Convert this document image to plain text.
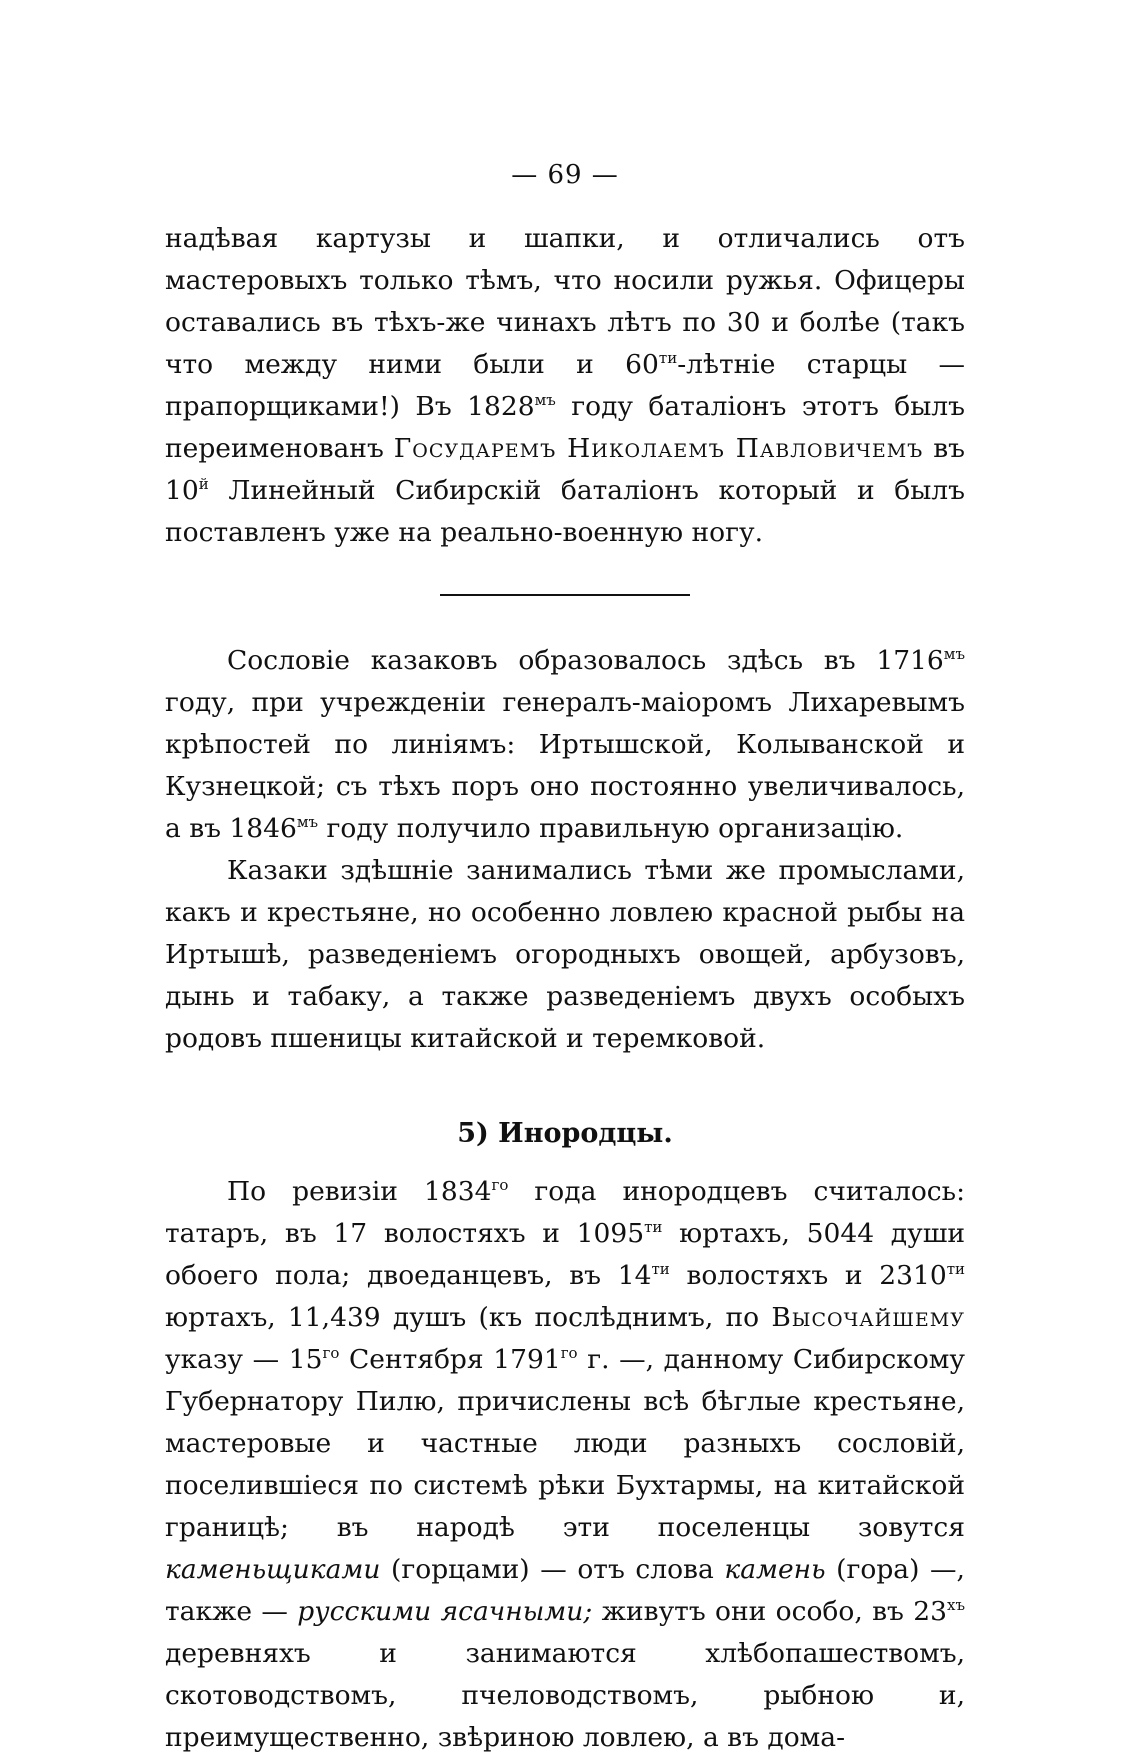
— 69 —

надѣвая картузы и шапки, и отличались отъ мастеровыхъ только тѣмъ, что носили ружья. Офицеры оставались въ тѣхъ-же чинахъ лѣтъ по 30 и болѣе (такъ что между ними были и $60^{ти}$-лѣтніе старцы — прапорщиками!) Въ $1828^{мъ}$ году баталіонъ этотъ былъ переименованъ Государемъ Николаемъ Павловичемъ въ $10^й$ Линейный Сибирскій баталіонъ который и былъ поставленъ уже на реально-военную ногу.

Сословіе казаковъ образовалось здѣсь въ $1716^{мъ}$ году, при учрежденіи генералъ-маіоромъ Лихаревымъ крѣпостей по линіямъ: Иртышской, Колыванской и Кузнецкой; съ тѣхъ поръ оно постоянно увеличивалось, а въ $1846^{мъ}$ году получило правильную организацію.

Казаки здѣшніе занимались тѣми же промыслами, какъ и крестьяне, но особенно ловлею красной рыбы на Иртышѣ, разведеніемъ огородныхъ овощей, арбузовъ, дынь и табаку, а также разведеніемъ двухъ особыхъ родовъ пшеницы китайской и теремковой.

5) Инородцы.

По ревизіи $1834^{го}$ года инородцевъ считалось: татаръ, въ 17 волостяхъ и $1095^{ти}$ юртахъ, 5044 души обоего пола; двоеданцевъ, въ $14^{ти}$ волостяхъ и $2310^{ти}$ юртахъ, 11,439 душъ (къ послѣднимъ, по Высочайшему указу — $15^{го}$ Сентября $1791^{го}$ г. —, данному Сибирскому Губернатору Пилю, причислены всѣ бѣглые крестьяне, мастеровые и частные люди разныхъ сословій, поселившіеся по системѣ рѣки Бухтармы, на китайской границѣ; въ народѣ эти поселенцы зовутся каменьщиками (горцами) — отъ слова камень (гора) —, также — русскими ясачными; живутъ они особо, въ $23^{хъ}$ деревняхъ и занимаются хлѣбопашествомъ, скотоводствомъ, пчеловодствомъ, рыбною и, преимущественно, звѣриною ловлею, а въ дома-
